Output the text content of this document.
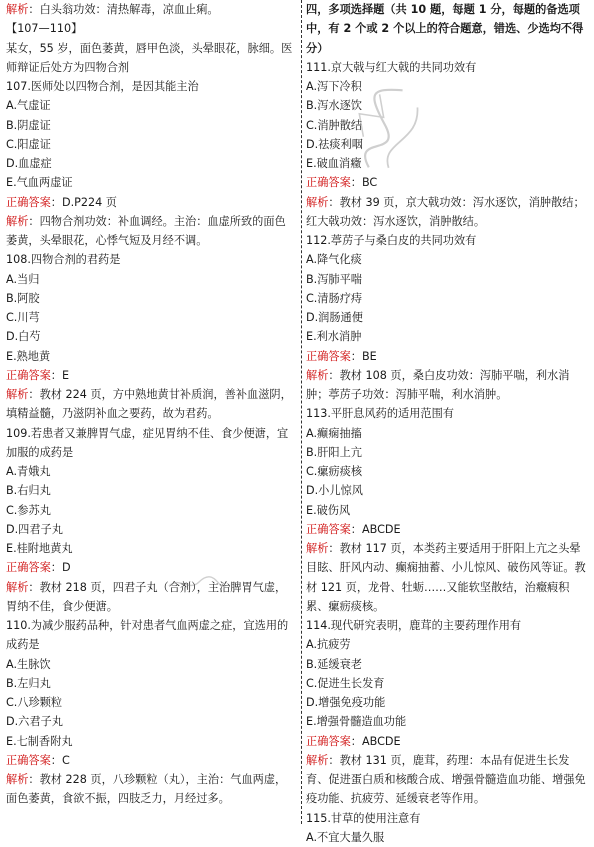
解析：白头翁功效：清热解毒，凉血止痢。
【107—110】
某女，55 岁，面色萎黄，唇甲色淡，头晕眼花，脉细。医师辩证后处方为四物合剂
107.医师处以四物合剂，是因其能主治
A.气虚证
B.阴虚证
C.阳虚证
D.血虚症
E.气血两虚证
正确答案：D.P224 页
解析：四物合剂功效：补血调经。主治：血虚所致的面色萎黄，头晕眼花，心悸气短及月经不调。
108.四物合剂的君药是
A.当归
B.阿胶
C.川芎
D.白芍
E.熟地黄
正确答案：E
解析：教材 224 页，方中熟地黄甘补质润，善补血滋阴，填精益髓，乃滋阴补血之要药，故为君药。
109.若患者又兼脾胃气虚，症见胃纳不佳、食少便溏，宜加服的成药是
A.青娥丸
B.右归丸
C.参苏丸
D.四君子丸
E.桂附地黄丸
正确答案：D
解析：教材 218 页，四君子丸（合剂），主治脾胃气虚，胃纳不佳，食少便溏。
110.为减少服药品种，针对患者气血两虚之症，宜选用的成药是
A.生脉饮
B.左归丸
C.八珍颗粒
D.六君子丸
E.七制香附丸
正确答案：C
解析：教材 228 页，八珍颗粒（丸），主治：气血两虚，面色萎黄，食欲不振，四肢乏力，月经过多。
四，多项选择题（共 10 题，每题 1 分，每题的备选项中，有 2 个或 2 个以上的符合题意，错选、少选均不得分）
111.京大戟与红大戟的共同功效有
A.泻下冷积
B.泻水逐饮
C.消肿散结
D.祛痰利咽
E.破血消癥
正确答案：BC
解析：教材 39 页，京大戟功效：泻水逐饮，消肿散结；红大戟功效：泻水逐饮，消肿散结。
112.葶苈子与桑白皮的共同功效有
A.降气化痰
B.泻肺平喘
C.清肠疗痔
D.润肠通便
E.利水消肿
正确答案：BE
解析：教材 108 页，桑白皮功效：泻肺平喘，利水消肿；葶苈子功效：泻肺平喘，利水消肿。
113.平肝息风药的适用范围有
A.癫痫抽搐
B.肝阳上亢
C.瘰疬痰核
D.小儿惊风
E.破伤风
正确答案：ABCDE
解析：教材 117 页，本类药主要适用于肝阳上亢之头晕目眩、肝风内动、癫痫抽蓄、小儿惊风、破伤风等证。教材 121 页，龙骨、牡蛎……又能软坚散结，治癥瘕积累、瘰疬痰核。
114.现代研究表明，鹿茸的主要药理作用有
A.抗疲劳
B.延缓衰老
C.促进生长发育
D.增强免疫功能
E.增强骨髓造血功能
正确答案：ABCDE
解析：教材 131 页，鹿茸，药理：本品有促进生长发育、促进蛋白质和核酸合成、增强骨髓造血功能、增强免疫功能、抗疲劳、延缓衰老等作用。
115.甘草的使用注意有
A.不宜大量久服
